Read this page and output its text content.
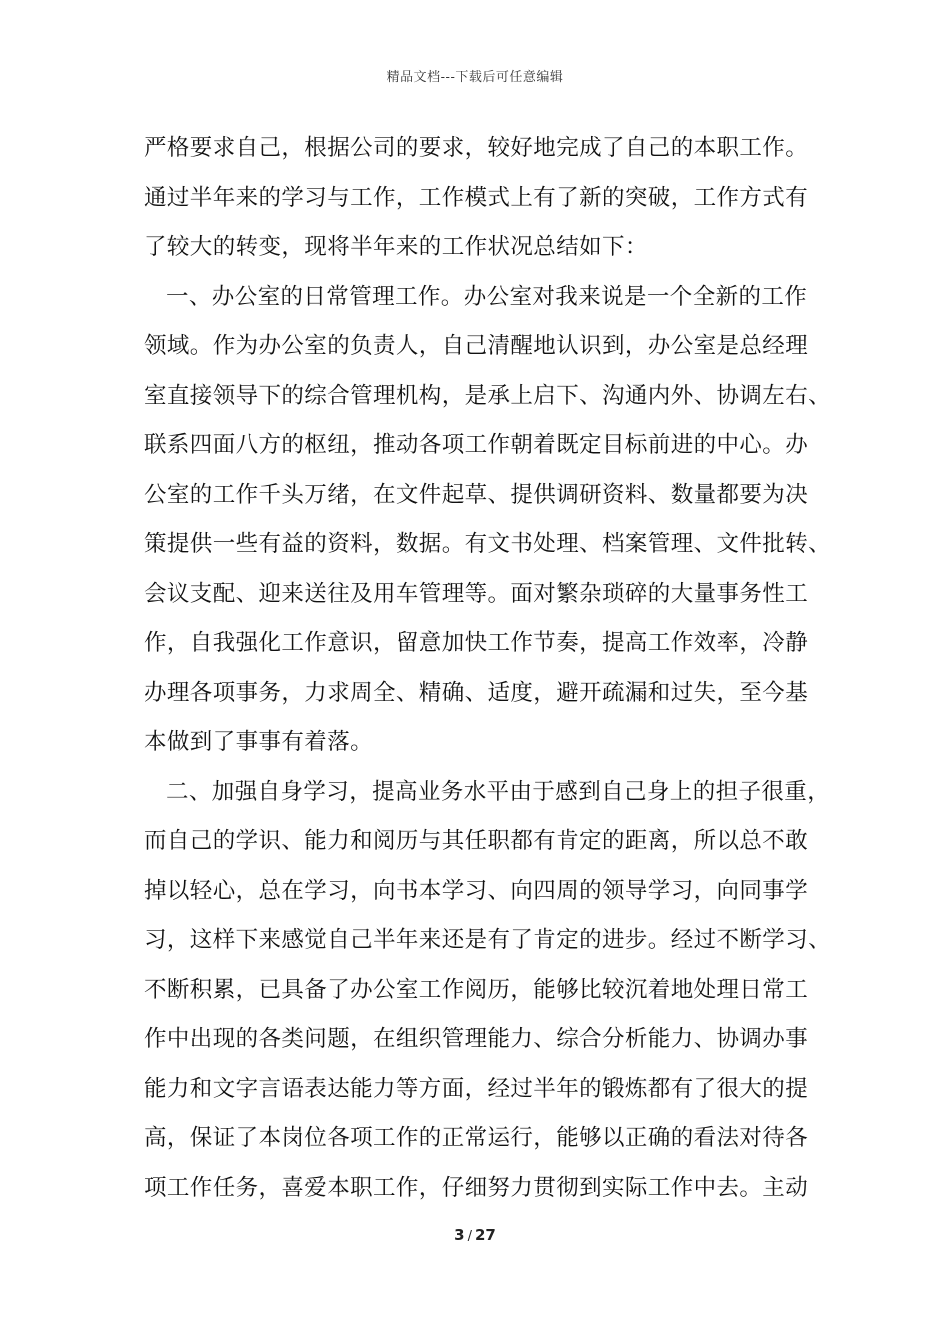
精品文档---下载后可任意编辑
严格要求自己，根据公司的要求，较好地完成了自己的本职工作。
通过半年来的学习与工作，工作模式上有了新的突破，工作方式有
了较大的转变，现将半年来的工作状况总结如下：
一、办公室的日常管理工作。办公室对我来说是一个全新的工作
领域。作为办公室的负责人，自己清醒地认识到，办公室是总经理
室直接领导下的综合管理机构，是承上启下、沟通内外、协调左右、
联系四面八方的枢纽，推动各项工作朝着既定目标前进的中心。办
公室的工作千头万绪，在文件起草、提供调研资料、数量都要为决
策提供一些有益的资料，数据。有文书处理、档案管理、文件批转、
会议支配、迎来送往及用车管理等。面对繁杂琐碎的大量事务性工
作，自我强化工作意识，留意加快工作节奏，提高工作效率，冷静
办理各项事务，力求周全、精确、适度，避开疏漏和过失，至今基
本做到了事事有着落。
二、加强自身学习，提高业务水平由于感到自己身上的担子很重，
而自己的学识、能力和阅历与其任职都有肯定的距离，所以总不敢
掉以轻心，总在学习，向书本学习、向四周的领导学习，向同事学
习，这样下来感觉自己半年来还是有了肯定的进步。经过不断学习、
不断积累，已具备了办公室工作阅历，能够比较沉着地处理日常工
作中出现的各类问题，在组织管理能力、综合分析能力、协调办事
能力和文字言语表达能力等方面，经过半年的锻炼都有了很大的提
高，保证了本岗位各项工作的正常运行，能够以正确的看法对待各
项工作任务，喜爱本职工作，仔细努力贯彻到实际工作中去。主动
3 / 27
